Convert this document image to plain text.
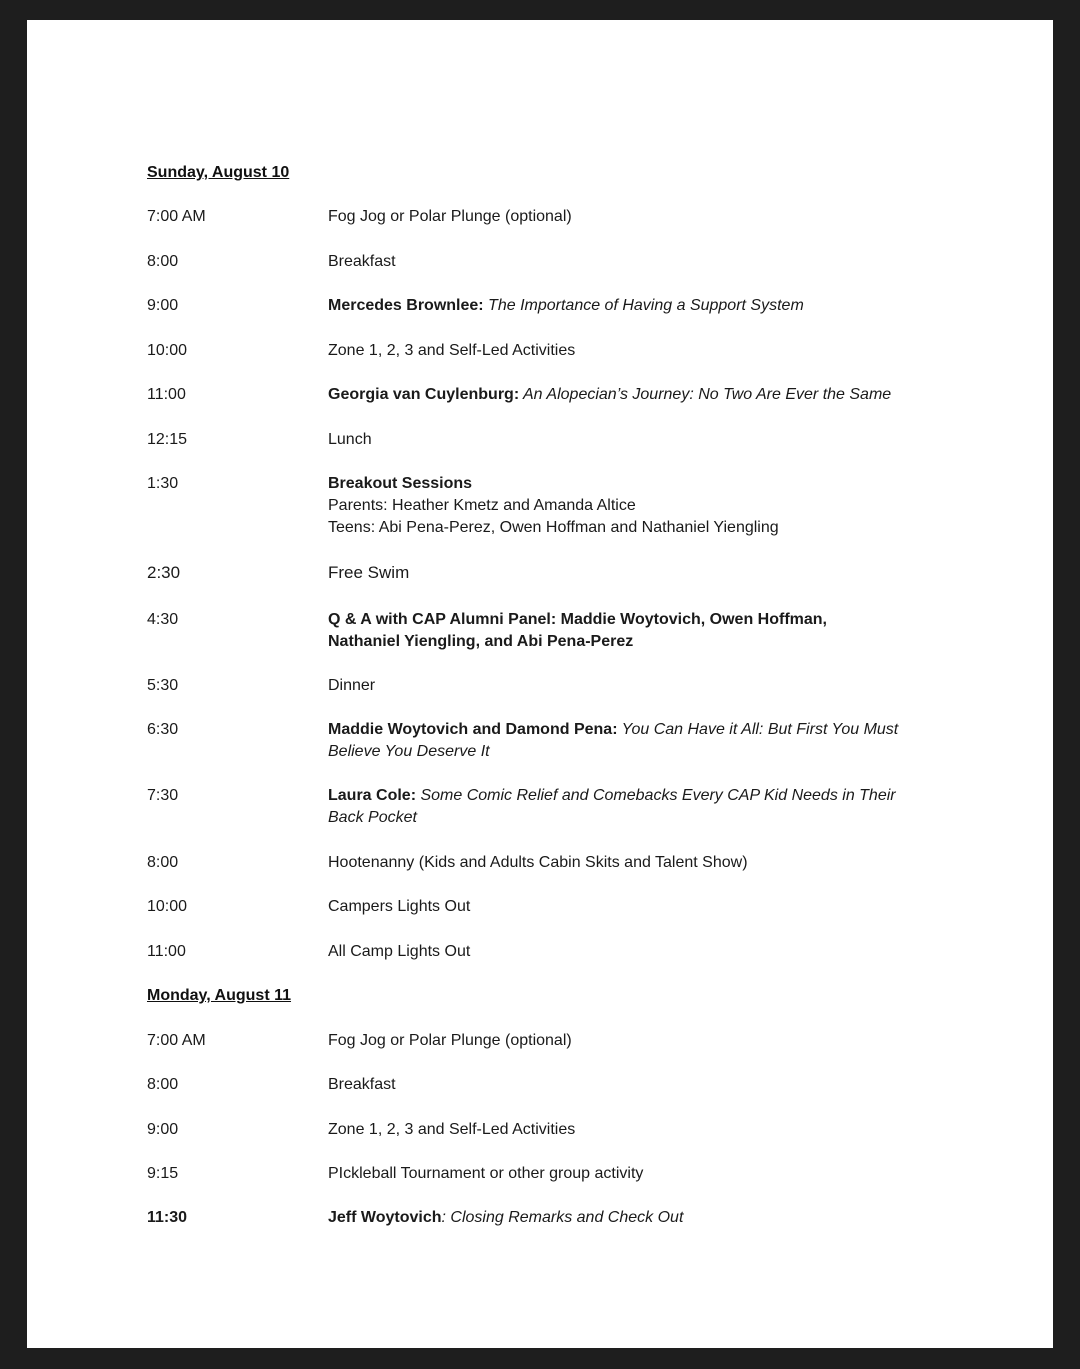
Sunday, August 10
7:00 AM	Fog Jog or Polar Plunge (optional)
8:00	Breakfast
9:00	Mercedes Brownlee: The Importance of Having a Support System
10:00	Zone 1, 2, 3 and Self-Led Activities
11:00	Georgia van Cuylenburg: An Alopecian’s Journey: No Two Are Ever the Same
12:15	Lunch
1:30	Breakout Sessions
Parents: Heather Kmetz and Amanda Altice
Teens: Abi Pena-Perez, Owen Hoffman and Nathaniel Yiengling
2:30	Free Swim
4:30	Q & A with CAP Alumni Panel: Maddie Woytovich, Owen Hoffman,
Nathaniel Yiengling, and Abi Pena-Perez
5:30	Dinner
6:30	Maddie Woytovich and Damond Pena: You Can Have it All: But First You Must
Believe You Deserve It
7:30	Laura Cole: Some Comic Relief and Comebacks Every CAP Kid Needs in Their
Back Pocket
8:00	Hootenanny (Kids and Adults Cabin Skits and Talent Show)
10:00	Campers Lights Out
11:00	All Camp Lights Out
Monday, August 11
7:00 AM	Fog Jog or Polar Plunge (optional)
8:00	Breakfast
9:00	Zone 1, 2, 3 and Self-Led Activities
9:15	PIckleball Tournament or other group activity
11:30	Jeff Woytovich: Closing Remarks and Check Out
